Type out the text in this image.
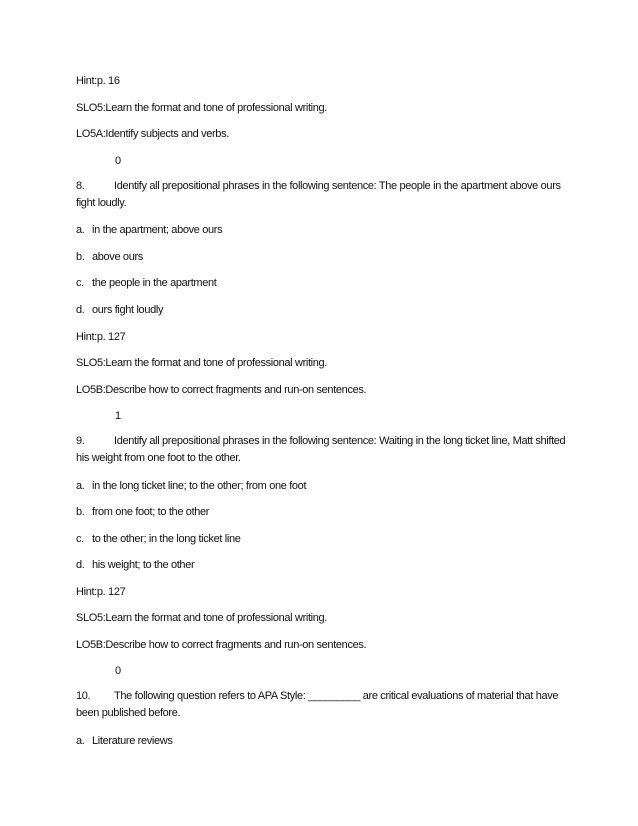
Hint:p. 16
SLO5:Learn the format and tone of professional writing.
LO5A:Identify subjects and verbs.
0
8.	Identify all prepositional phrases in the following sentence: The people in the apartment above ours fight loudly.
a. in the apartment; above ours
b. above ours
c. the people in the apartment
d. ours fight loudly
Hint:p. 127
SLO5:Learn the format and tone of professional writing.
LO5B:Describe how to correct fragments and run-on sentences.
1
9.	Identify all prepositional phrases in the following sentence: Waiting in the long ticket line, Matt shifted his weight from one foot to the other.
a. in the long ticket line; to the other; from one foot
b. from one foot; to the other
c. to the other; in the long ticket line
d. his weight; to the other
Hint:p. 127
SLO5:Learn the format and tone of professional writing.
LO5B:Describe how to correct fragments and run-on sentences.
0
10. The following question refers to APA Style: _________ are critical evaluations of material that have been published before.
a. Literature reviews
